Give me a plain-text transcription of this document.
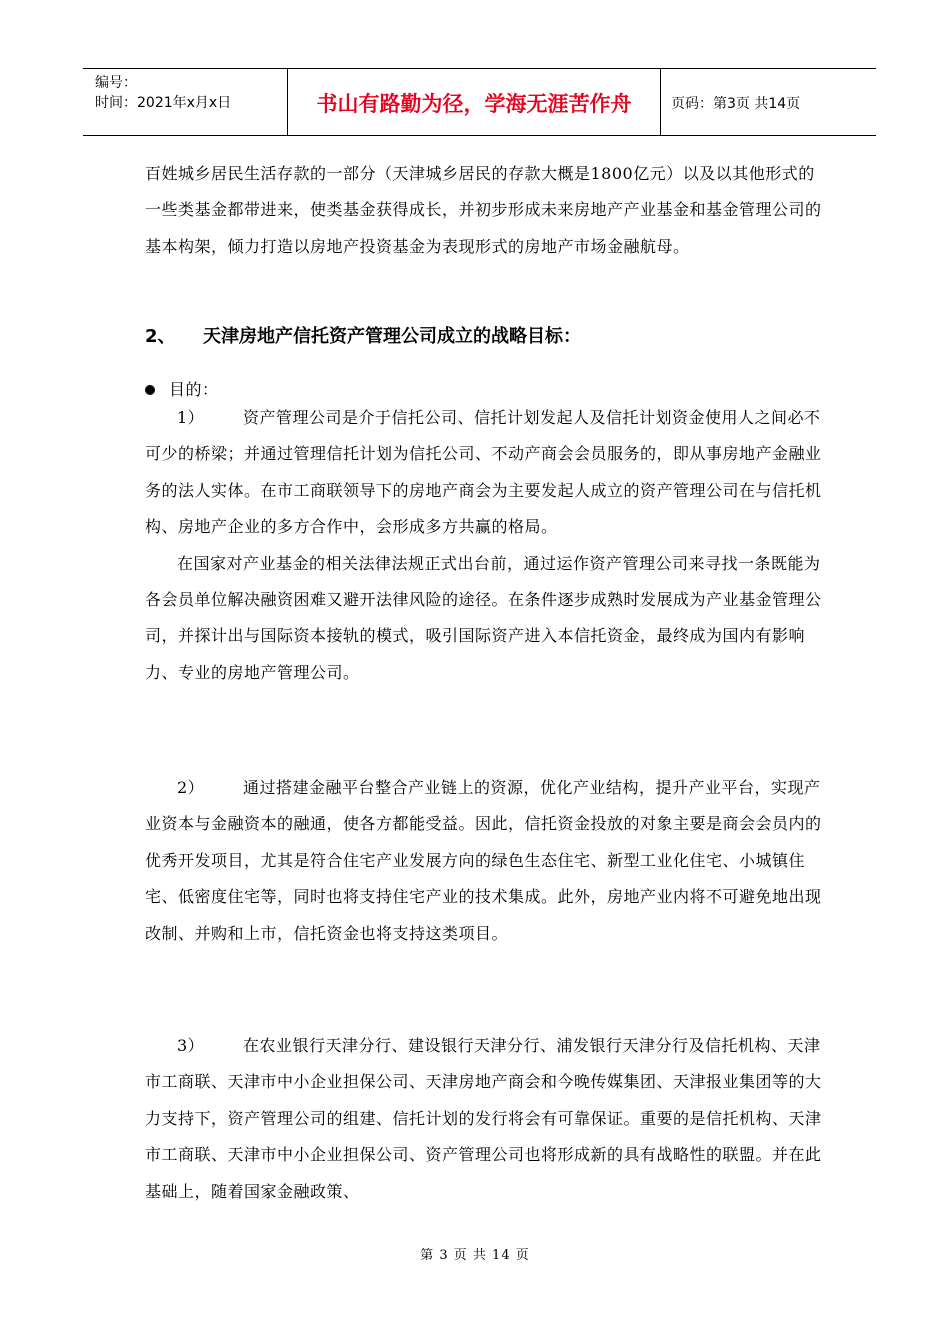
编号：
时间：2021年x月x日	书山有路勤为径，学海无涯苦作舟	页码：第3页 共14页

百姓城乡居民生活存款的一部分（天津城乡居民的存款大概是1800亿元）以及以其他形式的一些类基金都带进来，使类基金获得成长，并初步形成未来房地产产业基金和基金管理公司的基本构架，倾力打造以房地产投资基金为表现形式的房地产市场金融航母。

2、 天津房地产信托资产管理公司成立的战略目标：

目的：

1） 资产管理公司是介于信托公司、信托计划发起人及信托计划资金使用人之间必不可少的桥梁；并通过管理信托计划为信托公司、不动产商会会员服务的，即从事房地产金融业务的法人实体。在市工商联领导下的房地产商会为主要发起人成立的资产管理公司在与信托机构、房地产企业的多方合作中，会形成多方共赢的格局。

在国家对产业基金的相关法律法规正式出台前，通过运作资产管理公司来寻找一条既能为各会员单位解决融资困难又避开法律风险的途径。在条件逐步成熟时发展成为产业基金管理公司，并探计出与国际资本接轨的模式，吸引国际资产进入本信托资金，最终成为国内有影响力、专业的房地产管理公司。

2） 通过搭建金融平台整合产业链上的资源，优化产业结构，提升产业平台，实现产业资本与金融资本的融通，使各方都能受益。因此，信托资金投放的对象主要是商会会员内的优秀开发项目，尤其是符合住宅产业发展方向的绿色生态住宅、新型工业化住宅、小城镇住宅、低密度住宅等，同时也将支持住宅产业的技术集成。此外，房地产业内将不可避免地出现改制、并购和上市，信托资金也将支持这类项目。

3） 在农业银行天津分行、建设银行天津分行、浦发银行天津分行及信托机构、天津市工商联、天津市中小企业担保公司、天津房地产商会和今晚传媒集团、天津报业集团等的大力支持下，资产管理公司的组建、信托计划的发行将会有可靠保证。重要的是信托机构、天津市工商联、天津市中小企业担保公司、资产管理公司也将形成新的具有战略性的联盟。并在此基础上，随着国家金融政策、

第 3 页 共 14 页
